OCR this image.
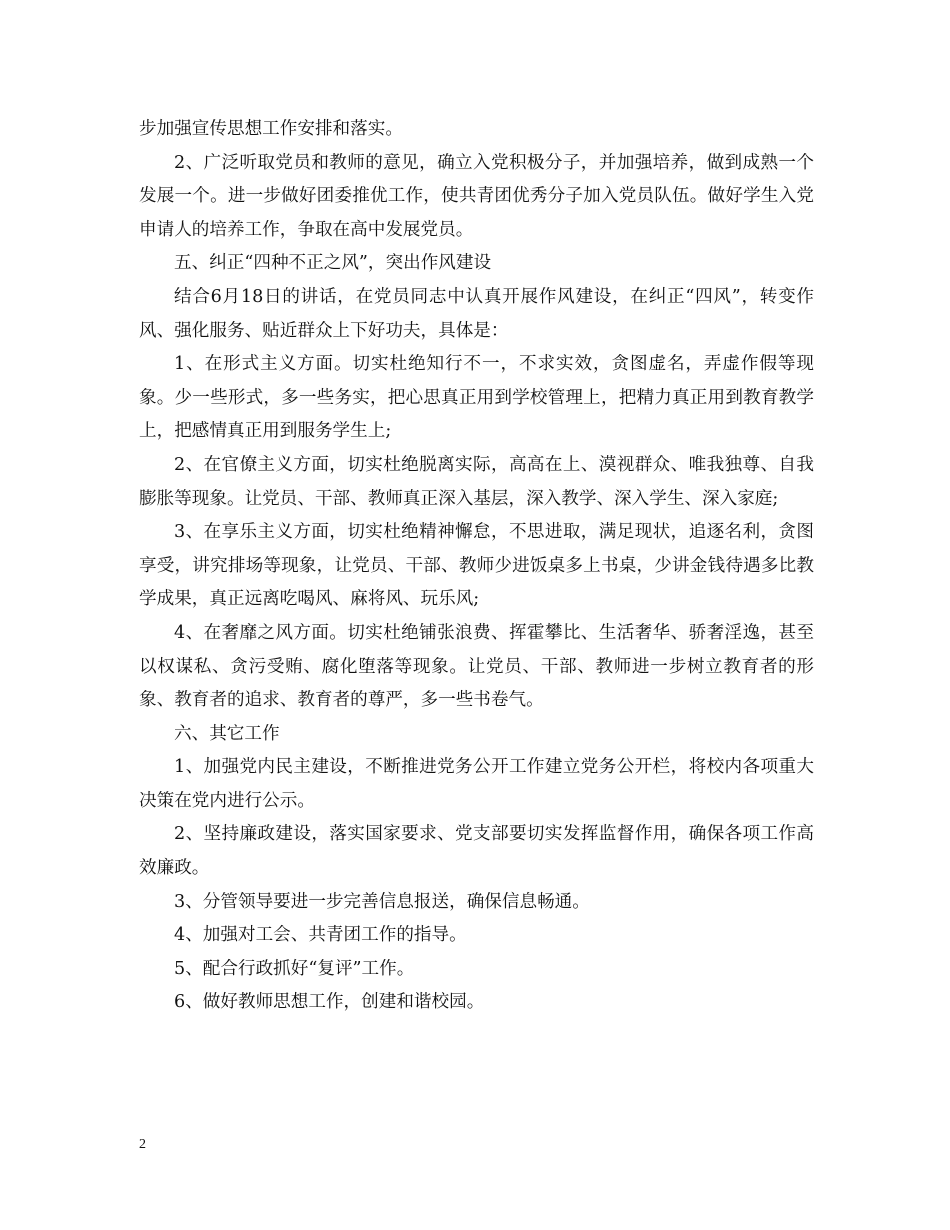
步加强宣传思想工作安排和落实。

2、广泛听取党员和教师的意见，确立入党积极分子，并加强培养，做到成熟一个发展一个。进一步做好团委推优工作，使共青团优秀分子加入党员队伍。做好学生入党申请人的培养工作，争取在高中发展党员。

五、纠正“四种不正之风”，突出作风建设

结合6月18日的讲话，在党员同志中认真开展作风建设，在纠正“四风”，转变作风、强化服务、贴近群众上下好功夫，具体是：

1、在形式主义方面。切实杜绝知行不一，不求实效，贪图虚名，弄虚作假等现象。少一些形式，多一些务实，把心思真正用到学校管理上，把精力真正用到教育教学上，把感情真正用到服务学生上;

2、在官僚主义方面，切实杜绝脱离实际，高高在上、漠视群众、唯我独尊、自我膨胀等现象。让党员、干部、教师真正深入基层，深入教学、深入学生、深入家庭;

3、在享乐主义方面，切实杜绝精神懈怠，不思进取，满足现状，追逐名利，贪图享受，讲究排场等现象，让党员、干部、教师少进饭桌多上书桌，少讲金钱待遇多比教学成果，真正远离吃喝风、麻将风、玩乐风;

4、在奢靡之风方面。切实杜绝铺张浪费、挥霍攀比、生活奢华、骄奢淫逸，甚至以权谋私、贪污受贿、腐化堕落等现象。让党员、干部、教师进一步树立教育者的形象、教育者的追求、教育者的尊严，多一些书卷气。

六、其它工作

1、加强党内民主建设，不断推进党务公开工作建立党务公开栏，将校内各项重大决策在党内进行公示。

2、坚持廉政建设，落实国家要求、党支部要切实发挥监督作用，确保各项工作高效廉政。

3、分管领导要进一步完善信息报送，确保信息畅通。

4、加强对工会、共青团工作的指导。

5、配合行政抓好“复评”工作。

6、做好教师思想工作，创建和谐校园。

2
